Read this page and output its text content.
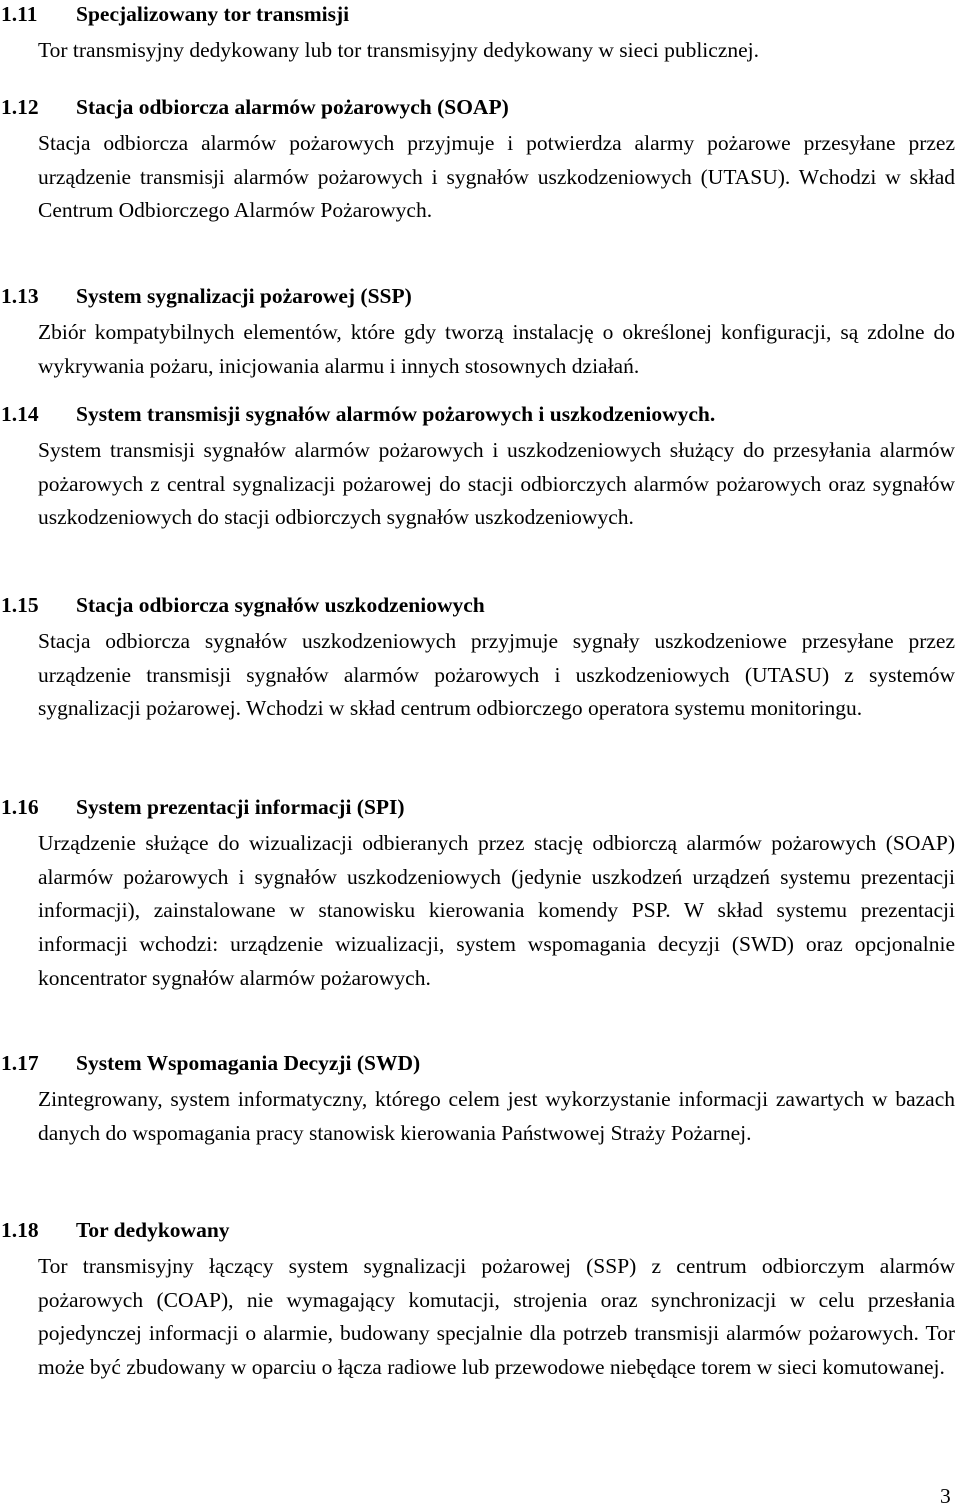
1.11 Specjalizowany tor transmisji
Tor transmisyjny dedykowany lub tor transmisyjny dedykowany w sieci publicznej.
1.12 Stacja odbiorcza alarmów pożarowych (SOAP)
Stacja odbiorcza alarmów pożarowych przyjmuje i potwierdza alarmy pożarowe przesyłane przez urządzenie transmisji alarmów pożarowych i sygnałów uszkodzeniowych (UTASU). Wchodzi w skład Centrum Odbiorczego Alarmów Pożarowych.
1.13 System sygnalizacji pożarowej (SSP)
Zbiór kompatybilnych elementów, które gdy tworzą instalację o określonej konfiguracji, są zdolne do wykrywania pożaru, inicjowania alarmu i innych stosownych działań.
1.14 System transmisji sygnałów alarmów pożarowych i uszkodzeniowych.
System transmisji sygnałów alarmów pożarowych i uszkodzeniowych służący do przesyłania alarmów pożarowych z central sygnalizacji pożarowej do stacji odbiorczych alarmów pożarowych oraz sygnałów uszkodzeniowych do stacji odbiorczych sygnałów uszkodzeniowych.
1.15 Stacja odbiorcza sygnałów uszkodzeniowych
Stacja odbiorcza sygnałów uszkodzeniowych przyjmuje sygnały uszkodzeniowe przesyłane przez urządzenie transmisji sygnałów alarmów pożarowych i uszkodzeniowych (UTASU) z systemów sygnalizacji pożarowej. Wchodzi w skład centrum odbiorczego operatora systemu monitoringu.
1.16 System prezentacji informacji (SPI)
Urządzenie służące do wizualizacji odbieranych przez stację odbiorczą alarmów pożarowych (SOAP) alarmów pożarowych i sygnałów uszkodzeniowych (jedynie uszkodzeń urządzeń systemu prezentacji informacji), zainstalowane w stanowisku kierowania komendy PSP. W skład systemu prezentacji informacji wchodzi: urządzenie wizualizacji, system wspomagania decyzji (SWD) oraz opcjonalnie koncentrator sygnałów alarmów pożarowych.
1.17 System Wspomagania Decyzji (SWD)
Zintegrowany, system informatyczny, którego celem jest wykorzystanie informacji zawartych w bazach danych do wspomagania pracy stanowisk kierowania Państwowej Straży Pożarnej.
1.18 Tor dedykowany
Tor transmisyjny łączący system sygnalizacji pożarowej (SSP) z centrum odbiorczym alarmów pożarowych (COAP), nie wymagający komutacji, strojenia oraz synchronizacji w celu przesłania pojedynczej informacji o alarmie, budowany specjalnie dla potrzeb transmisji alarmów pożarowych. Tor może być zbudowany w oparciu o łącza radiowe lub przewodowe niebędące torem w sieci komutowanej.
3
